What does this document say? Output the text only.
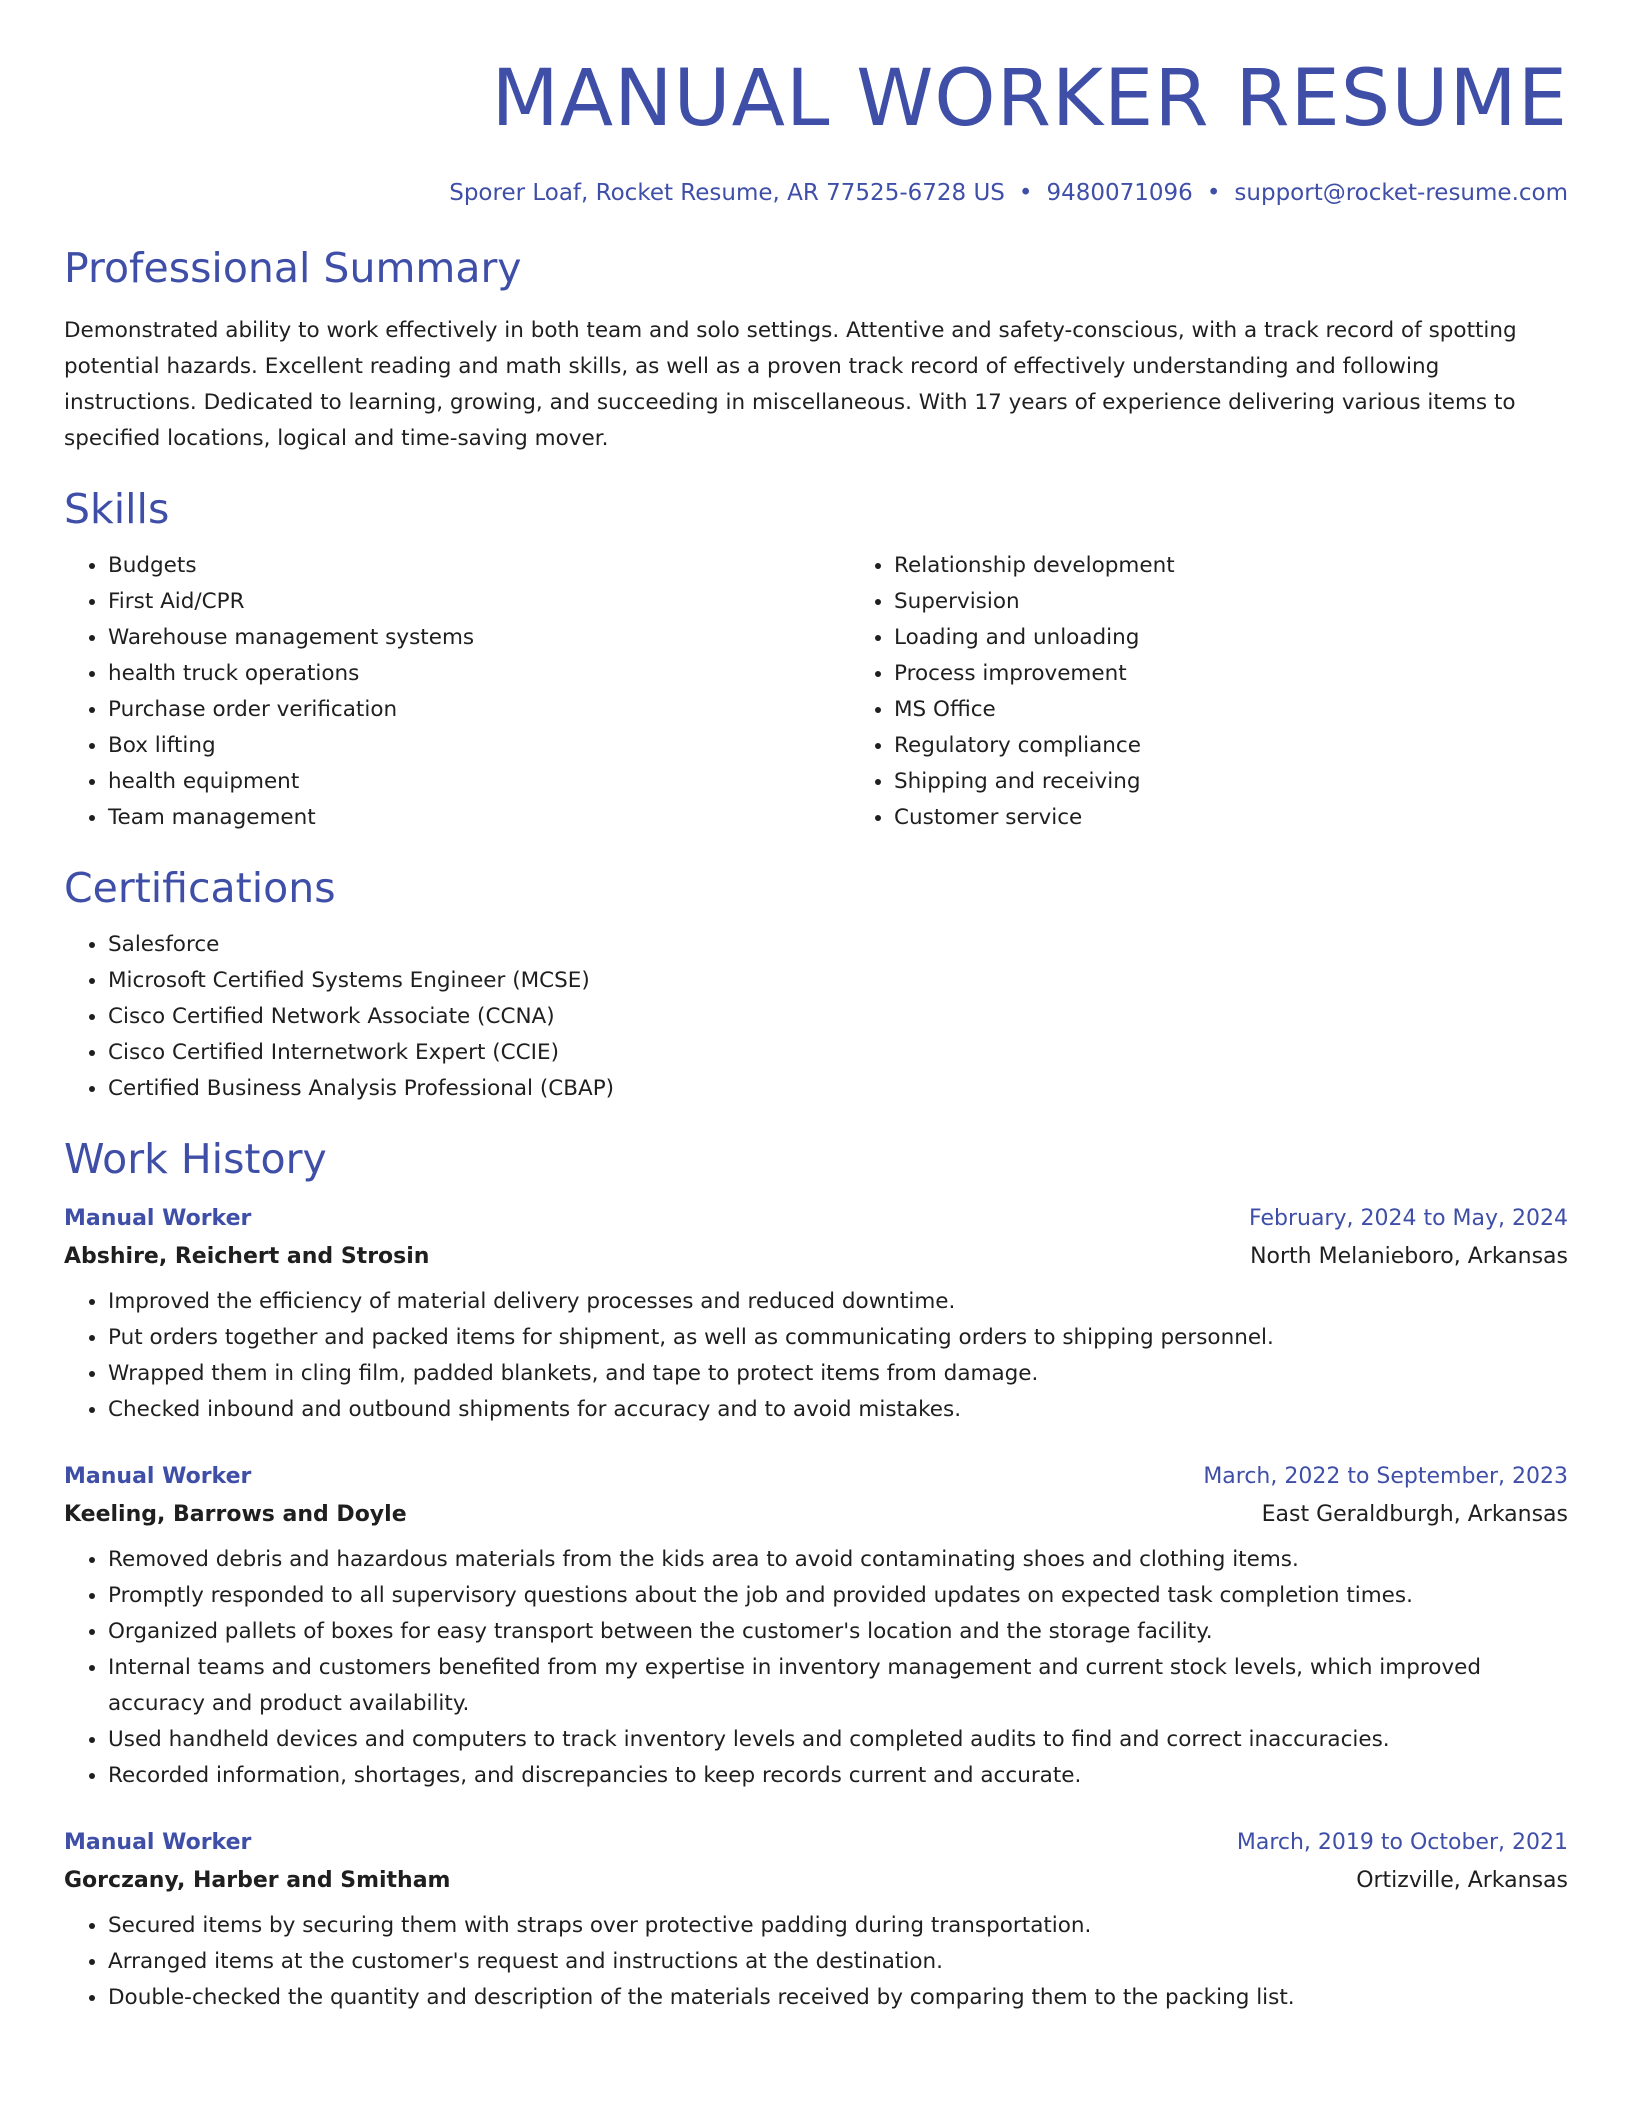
MANUAL WORKER RESUME
Sporer Loaf, Rocket Resume, AR 77525-6728 US • 9480071096 • support@rocket-resume.com
Professional Summary

Demonstrated ability to work effectively in both team and solo settings. Attentive and safety-conscious, with a track record of spotting potential hazards. Excellent reading and math skills, as well as a proven track record of effectively understanding and following instructions. Dedicated to learning, growing, and succeeding in miscellaneous. With 17 years of experience delivering various items to specified locations, logical and time-saving mover.

Skills
• Budgets
• First Aid/CPR
• Warehouse management systems
• health truck operations
• Purchase order verification
• Box lifting
• health equipment
• Team management
• Relationship development
• Supervision
• Loading and unloading
• Process improvement
• MS Office
• Regulatory compliance
• Shipping and receiving
• Customer service
Certifications
• Salesforce
• Microsoft Certified Systems Engineer (MCSE)
• Cisco Certified Network Associate (CCNA)
• Cisco Certified Internetwork Expert (CCIE)
• Certified Business Analysis Professional (CBAP)
Work History
Manual Worker	February, 2024 to May, 2024
Abshire, Reichert and Strosin	North Melanieboro, Arkansas
• Improved the efficiency of material delivery processes and reduced downtime.
• Put orders together and packed items for shipment, as well as communicating orders to shipping personnel.
• Wrapped them in cling film, padded blankets, and tape to protect items from damage.
• Checked inbound and outbound shipments for accuracy and to avoid mistakes.
Manual Worker	March, 2022 to September, 2023
Keeling, Barrows and Doyle	East Geraldburgh, Arkansas
• Removed debris and hazardous materials from the kids area to avoid contaminating shoes and clothing items.
• Promptly responded to all supervisory questions about the job and provided updates on expected task completion times.
• Organized pallets of boxes for easy transport between the customer's location and the storage facility.
• Internal teams and customers benefited from my expertise in inventory management and current stock levels, which improved accuracy and product availability.
• Used handheld devices and computers to track inventory levels and completed audits to find and correct inaccuracies.
• Recorded information, shortages, and discrepancies to keep records current and accurate.
Manual Worker	March, 2019 to October, 2021
Gorczany, Harber and Smitham	Ortizville, Arkansas
• Secured items by securing them with straps over protective padding during transportation.
• Arranged items at the customer's request and instructions at the destination.
• Double-checked the quantity and description of the materials received by comparing them to the packing list.
